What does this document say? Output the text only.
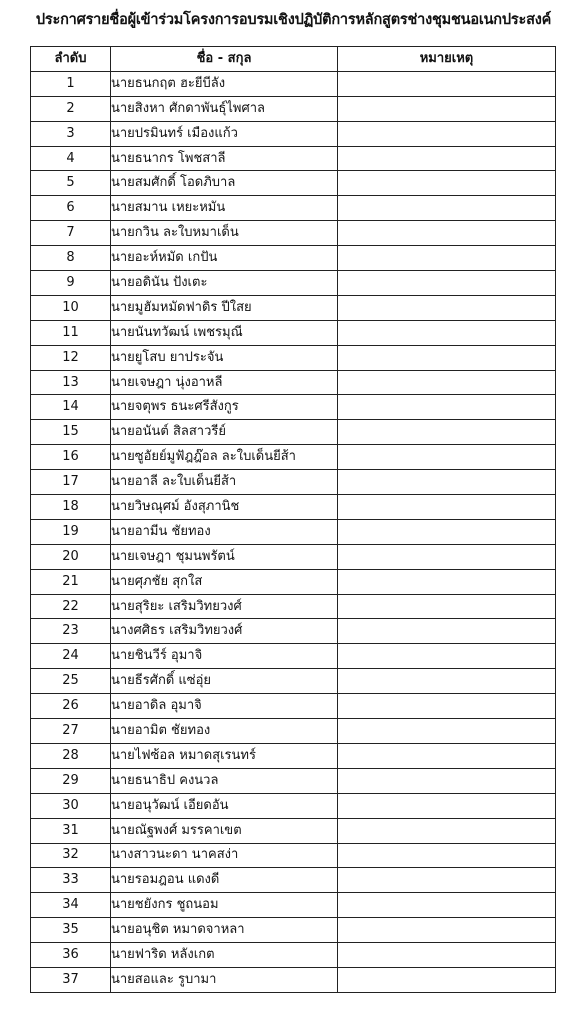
ประกาศรายชื่อผู้เข้าร่วมโครงการอบรมเชิงปฏิบัติการหลักสูตรช่างชุมชนอเนกประสงค์
ลำดับ	ชื่อ - สกุล	หมายเหตุ
1	นายธนกฤต ฮะยีบีลัง	
2	นายสิงหา ศักดาพันธุ์ไพศาล	
3	นายปรมินทร์ เมืองแก้ว	
4	นายธนากร โพชสาลี	
5	นายสมศักดิ์ โอดภิบาล	
6	นายสมาน เหยะหมัน	
7	นายกวิน ละใบหมาเด็น	
8	นายอะห์หมัด เกปัน	
9	นายอดินัน ปังเตะ	
10	นายมูฮัมหมัดฟาดิร ปีใสย	
11	นายนันทวัฒน์ เพชรมุณี	
12	นายยูโสบ ยาประจัน	
13	นายเจษฎา นุ่งอาหลี	
14	นายจตุพร ธนะศรีสังกูร	
15	นายอนันต์ สิลสาวรีย์	
16	นายซูอัยย์มูฟัฎฎ๊อล ละใบเด็นยีส้า	
17	นายอาลี ละใบเด็นยีส้า	
18	นายวิษณุศม์ อังสุภานิช	
19	นายอามีน ชัยทอง	
20	นายเจษฎา ชุมนพรัตน์	
21	นายศุภชัย สุกใส	
22	นายสุริยะ เสริมวิทยวงศ์	
23	นางศศิธร เสริมวิทยวงศ์	
24	นายชินวีร์ อุมาจิ	
25	นายธีรศักดิ์ แซ่อุ่ย	
26	นายอาดิล อุมาจิ	
27	นายอามิต ชัยทอง	
28	นายไฟซ้อล หมาดสุเรนทร์	
29	นายธนาธิป คงนวล	
30	นายอนุวัฒน์ เอียดอัน	
31	นายณัฐพงศ์ มรรคาเขต	
32	นางสาวนะดา นาคสง่า	
33	นายรอมฎอน แดงดี	
34	นายชยังกร ชูถนอม	
35	นายอนุชิต หมาดจาหลา	
36	นายฟาริด หลังเกต	
37	นายสอและ รูบามา	
